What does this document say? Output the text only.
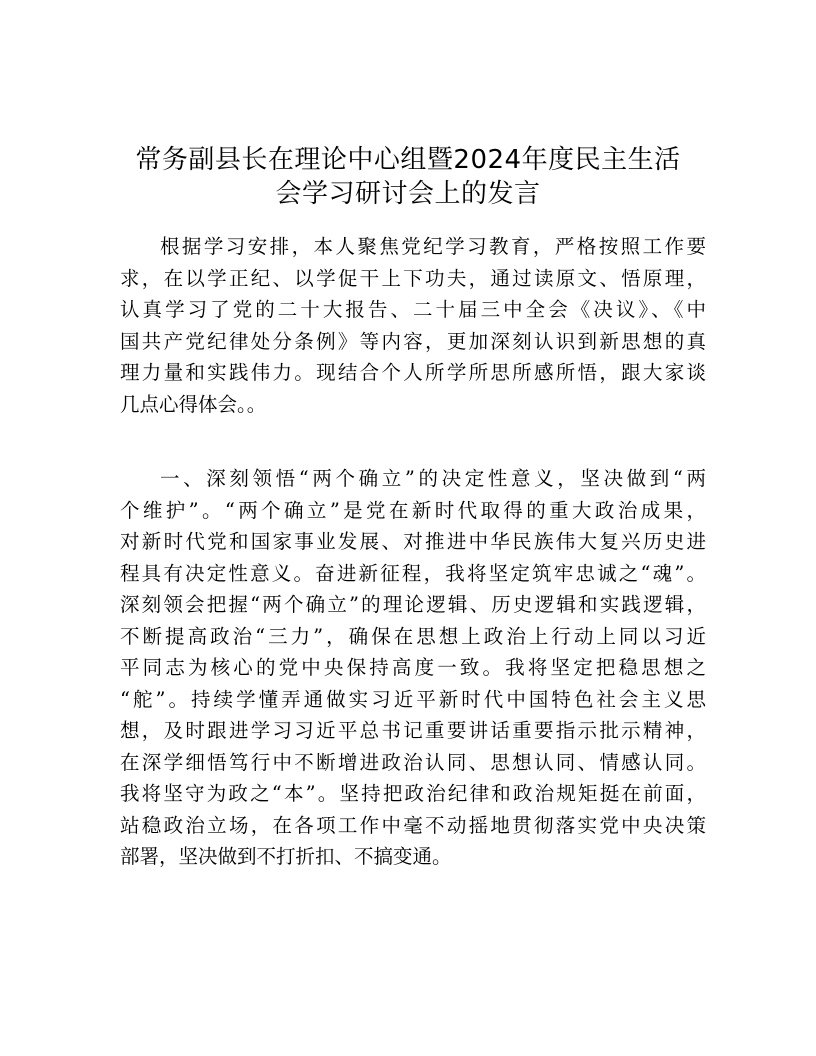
常务副县长在理论中心组暨2024年度民主生活
会学习研讨会上的发言

根据学习安排，本人聚焦党纪学习教育，严格按照工作要
求，在以学正纪、以学促干上下功夫，通过读原文、悟原理，
认真学习了党的二十大报告、二十届三中全会《决议》、《中
国共产党纪律处分条例》等内容，更加深刻认识到新思想的真
理力量和实践伟力。现结合个人所学所思所感所悟，跟大家谈
几点心得体会。。

一、深刻领悟“两个确立”的决定性意义，坚决做到“两
个维护”。“两个确立”是党在新时代取得的重大政治成果，
对新时代党和国家事业发展、对推进中华民族伟大复兴历史进
程具有决定性意义。奋进新征程，我将坚定筑牢忠诚之“魂”。
深刻领会把握“两个确立”的理论逻辑、历史逻辑和实践逻辑，
不断提高政治“三力”，确保在思想上政治上行动上同以习近
平同志为核心的党中央保持高度一致。我将坚定把稳思想之
“舵”。持续学懂弄通做实习近平新时代中国特色社会主义思
想，及时跟进学习习近平总书记重要讲话重要指示批示精神，
在深学细悟笃行中不断增进政治认同、思想认同、情感认同。
我将坚守为政之“本”。坚持把政治纪律和政治规矩挺在前面，
站稳政治立场，在各项工作中毫不动摇地贯彻落实党中央决策
部署，坚决做到不打折扣、不搞变通。
